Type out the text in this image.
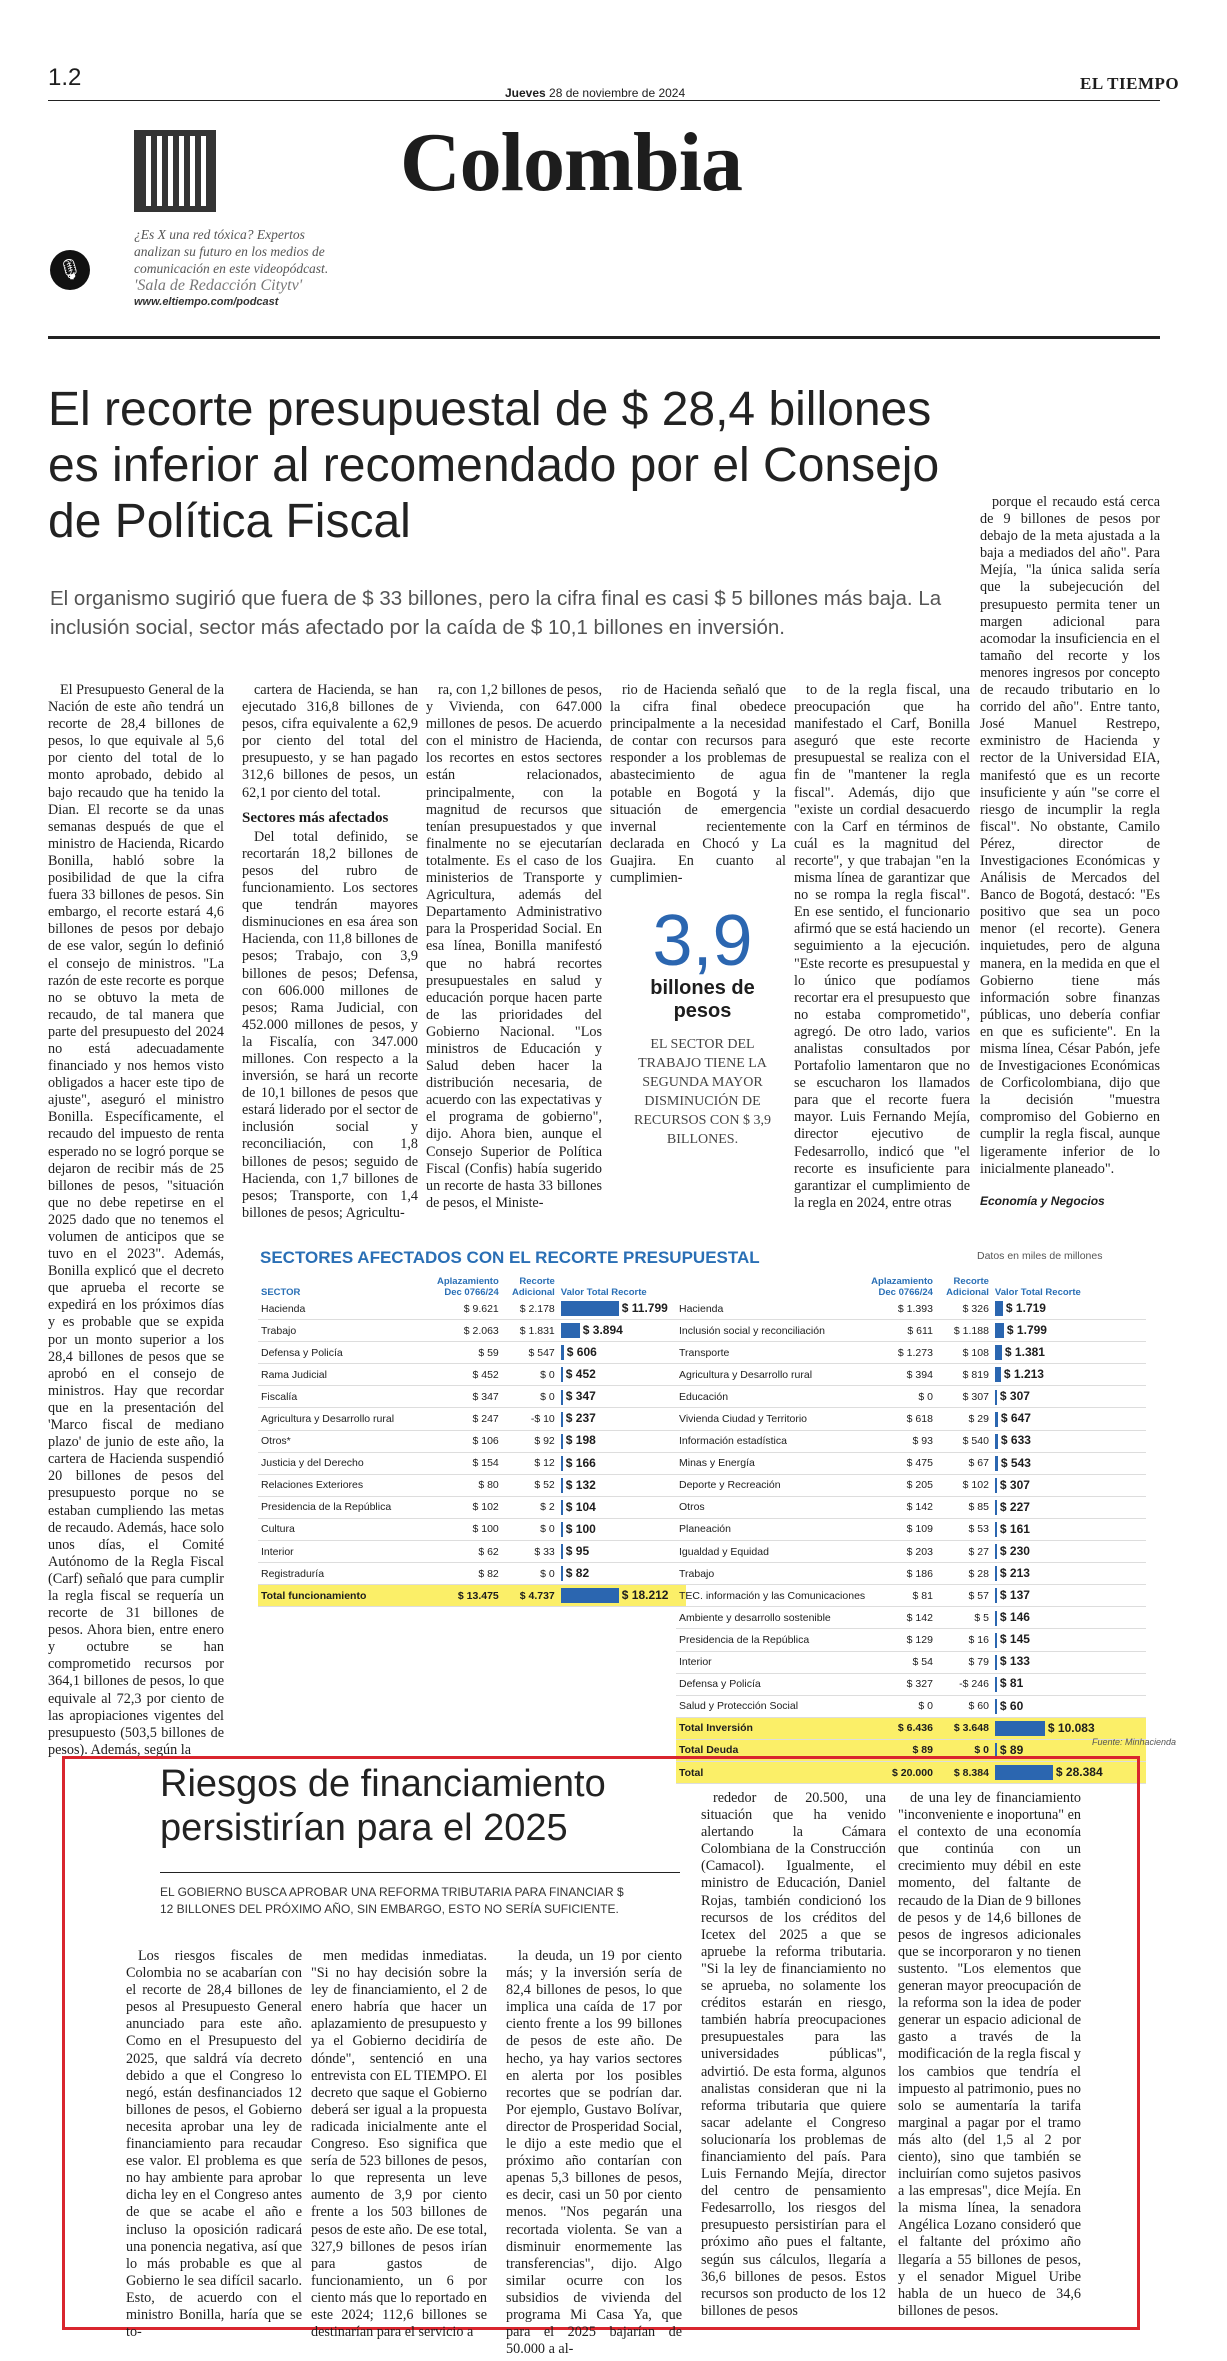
1.2
Jueves 28 de noviembre de 2024	EL TIEMPO
🎙
¿Es X una red tóxica? Expertos
analizan su futuro en los medios de
comunicación en este videopódcast.
'Sala de Redacción Citytv'
www.eltiempo.com/podcast
Colombia
El recorte presupuestal de $ 28,4 billones es inferior al recomendado por el Consejo de Política Fiscal
El organismo sugirió que fuera de $ 33 billones, pero la cifra final es casi $ 5 billones más baja. La inclusión social, sector más afectado por la caída de $ 10,1 billones en inversión.

El Presupuesto General de la Nación de este año tendrá un recorte de 28,4 billones de pesos, lo que equivale al 5,6 por ciento del total de lo monto aprobado, debido al bajo recaudo que ha tenido la Dian. El recorte se da unas semanas después de que el ministro de Hacienda, Ricardo Bonilla, habló sobre la posibilidad de que la cifra fuera 33 billones de pesos. Sin embargo, el recorte estará 4,6 billones de pesos por debajo de ese valor, según lo definió el consejo de ministros. "La razón de este recorte es porque no se obtuvo la meta de recaudo, de tal manera que parte del presupuesto del 2024 no está adecuadamente financiado y nos hemos visto obligados a hacer este tipo de ajuste", aseguró el ministro Bonilla. Específicamente, el recaudo del impuesto de renta esperado no se logró porque se dejaron de recibir más de 25 billones de pesos, "situación que no debe repetirse en el 2025 dado que no tenemos el volumen de anticipos que se tuvo en el 2023". Además, Bonilla explicó que el decreto que aprueba el recorte se expedirá en los próximos días y es probable que se expida por un monto superior a los 28,4 billones de pesos que se aprobó en el consejo de ministros. Hay que recordar que en la presentación del 'Marco fiscal de mediano plazo' de junio de este año, la cartera de Hacienda suspendió 20 billones de pesos del presupuesto porque no se estaban cumpliendo las metas de recaudo. Además, hace solo unos días, el Comité Autónomo de la Regla Fiscal (Carf) señaló que para cumplir la regla fiscal se requería un recorte de 31 billones de pesos. Ahora bien, entre enero y octubre se han comprometido recursos por 364,1 billones de pesos, lo que equivale al 72,3 por ciento de las apropiaciones vigentes del presupuesto (503,5 billones de pesos). Además, según la

cartera de Hacienda, se han ejecutado 316,8 billones de pesos, cifra equivalente a 62,9 por ciento del total del presupuesto, y se han pagado 312,6 billones de pesos, un 62,1 por ciento del total.

Sectores más afectados

Del total definido, se recortarán 18,2 billones de pesos del rubro de funcionamiento. Los sectores que tendrán mayores disminuciones en esa área son Hacienda, con 11,8 billones de pesos; Trabajo, con 3,9 billones de pesos; Defensa, con 606.000 millones de pesos; Rama Judicial, con 452.000 millones de pesos, y la Fiscalía, con 347.000 millones. Con respecto a la inversión, se hará un recorte de 10,1 billones de pesos que estará liderado por el sector de inclusión social y reconciliación, con 1,8 billones de pesos; seguido de Hacienda, con 1,7 billones de pesos; Transporte, con 1,4 billones de pesos; Agricultu-

ra, con 1,2 billones de pesos, y Vivienda, con 647.000 millones de pesos. De acuerdo con el ministro de Hacienda, los recortes en estos sectores están relacionados, principalmente, con la magnitud de recursos que tenían presupuestados y que finalmente no se ejecutarían totalmente. Es el caso de los ministerios de Transporte y Agricultura, además del Departamento Administrativo para la Prosperidad Social. En esa línea, Bonilla manifestó que no habrá recortes presupuestales en salud y educación porque hacen parte de las prioridades del Gobierno Nacional. "Los ministros de Educación y Salud deben hacer la distribución necesaria, de acuerdo con las expectativas y el programa de gobierno", dijo. Ahora bien, aunque el Consejo Superior de Política Fiscal (Confis) había sugerido un recorte de hasta 33 billones de pesos, el Ministe-

rio de Hacienda señaló que la cifra final obedece principalmente a la necesidad de contar con recursos para responder a los problemas de abastecimiento de agua potable en Bogotá y la situación de emergencia invernal recientemente declarada en Chocó y La Guajira. En cuanto al cumplimien-

to de la regla fiscal, una preocupación que ha manifestado el Carf, Bonilla aseguró que este recorte presupuestal se realiza con el fin de "mantener la regla fiscal". Además, dijo que "existe un cordial desacuerdo con la Carf en términos de cuál es la magnitud del recorte", y que trabajan "en la misma línea de garantizar que no se rompa la regla fiscal". En ese sentido, el funcionario afirmó que se está haciendo un seguimiento a la ejecución. "Este recorte es presupuestal y lo único que podíamos recortar era el presupuesto que no estaba comprometido", agregó. De otro lado, varios analistas consultados por Portafolio lamentaron que no se escucharon los llamados para que el recorte fuera mayor. Luis Fernando Mejía, director ejecutivo de Fedesarrollo, indicó que "el recorte es insuficiente para garantizar el cumplimiento de la regla en 2024, entre otras

porque el recaudo está cerca de 9 billones de pesos por debajo de la meta ajustada a la baja a mediados del año". Para Mejía, "la única salida sería que la subejecución del presupuesto permita tener un margen adicional para acomodar la insuficiencia en el tamaño del recorte y los menores ingresos por concepto de recaudo tributario en lo corrido del año". Entre tanto, José Manuel Restrepo, exministro de Hacienda y rector de la Universidad EIA, manifestó que es un recorte insuficiente y aún "se corre el riesgo de incumplir la regla fiscal". No obstante, Camilo Pérez, director de Investigaciones Económicas y Análisis de Mercados del Banco de Bogotá, destacó: "Es positivo que sea un poco menor (el recorte). Genera inquietudes, pero de alguna manera, en la medida en que el Gobierno tiene más información sobre finanzas públicas, uno debería confiar en que es suficiente". En la misma línea, César Pabón, jefe de Investigaciones Económicas de Corficolombiana, dijo que la decisión "muestra compromiso del Gobierno en cumplir la regla fiscal, aunque ligeramente inferior de lo inicialmente planeado".

Economía y Negocios
3,9
billones de pesos
EL SECTOR DEL TRABAJO TIENE LA SEGUNDA MAYOR DISMINUCIÓN DE RECURSOS CON $ 3,9 BILLONES.
SECTORES AFECTADOS CON EL RECORTE PRESUPUESTAL	Datos en miles de millones
SECTOR	Aplazamiento Dec 0766/24	Recorte Adicional	Valor Total Recorte
Hacienda	$ 9.621	$ 2.178	$ 11.799
Trabajo	$ 2.063	$ 1.831	$ 3.894
Defensa y Policía	$ 59	$ 547	$ 606
Rama Judicial	$ 452	$ 0	$ 452
Fiscalía	$ 347	$ 0	$ 347
Agricultura y Desarrollo rural	$ 247	-$ 10	$ 237
Otros*	$ 106	$ 92	$ 198
Justicia y del Derecho	$ 154	$ 12	$ 166
Relaciones Exteriores	$ 80	$ 52	$ 132
Presidencia de la República	$ 102	$ 2	$ 104
Cultura	$ 100	$ 0	$ 100
Interior	$ 62	$ 33	$ 95
Registraduría	$ 82	$ 0	$ 82
Total funcionamiento	$ 13.475	$ 4.737	$ 18.212
	Aplazamiento Dec 0766/24	Recorte Adicional	Valor Total Recorte
Hacienda	$ 1.393	$ 326	$ 1.719
Inclusión social y reconciliación	$ 611	$ 1.188	$ 1.799
Transporte	$ 1.273	$ 108	$ 1.381
Agricultura y Desarrollo rural	$ 394	$ 819	$ 1.213
Educación	$ 0	$ 307	$ 307
Vivienda Ciudad y Territorio	$ 618	$ 29	$ 647
Información estadística	$ 93	$ 540	$ 633
Minas y Energía	$ 475	$ 67	$ 543
Deporte y Recreación	$ 205	$ 102	$ 307
Otros	$ 142	$ 85	$ 227
Planeación	$ 109	$ 53	$ 161
Igualdad y Equidad	$ 203	$ 27	$ 230
Trabajo	$ 186	$ 28	$ 213
TEC. información y las Comunicaciones	$ 81	$ 57	$ 137
Ambiente y desarrollo sostenible	$ 142	$ 5	$ 146
Presidencia de la República	$ 129	$ 16	$ 145
Interior	$ 54	$ 79	$ 133
Defensa y Policía	$ 327	-$ 246	$ 81
Salud y Protección Social	$ 0	$ 60	$ 60
Total Inversión	$ 6.436	$ 3.648	$ 10.083
Total Deuda	$ 89	$ 0	$ 89
Total	$ 20.000	$ 8.384	$ 28.384
Fuente: Minhacienda
Riesgos de financiamiento persistirían para el 2025
EL GOBIERNO BUSCA APROBAR UNA REFORMA TRIBUTARIA PARA FINANCIAR $ 12 BILLONES DEL PRÓXIMO AÑO, SIN EMBARGO, ESTO NO SERÍA SUFICIENTE.

Los riesgos fiscales de Colombia no se acabarían con el recorte de 28,4 billones de pesos al Presupuesto General anunciado para este año. Como en el Presupuesto del 2025, que saldrá vía decreto debido a que el Congreso lo negó, están desfinanciados 12 billones de pesos, el Gobierno necesita aprobar una ley de financiamiento para recaudar ese valor. El problema es que no hay ambiente para aprobar dicha ley en el Congreso antes de que se acabe el año e incluso la oposición radicará una ponencia negativa, así que lo más probable es que al Gobierno le sea difícil sacarlo. Esto, de acuerdo con el ministro Bonilla, haría que se to-

men medidas inmediatas. "Si no hay decisión sobre la ley de financiamiento, el 2 de enero habría que hacer un aplazamiento de presupuesto y ya el Gobierno decidiría de dónde", sentenció en una entrevista con EL TIEMPO. El decreto que saque el Gobierno deberá ser igual a la propuesta radicada inicialmente ante el Congreso. Eso significa que sería de 523 billones de pesos, lo que representa un leve aumento de 3,9 por ciento frente a los 503 billones de pesos de este año. De ese total, 327,9 billones de pesos irían para gastos de funcionamiento, un 6 por ciento más que lo reportado en este 2024; 112,6 billones se destinarían para el servicio a

la deuda, un 19 por ciento más; y la inversión sería de 82,4 billones de pesos, lo que implica una caída de 17 por ciento frente a los 99 billones de pesos de este año. De hecho, ya hay varios sectores en alerta por los posibles recortes que se podrían dar. Por ejemplo, Gustavo Bolívar, director de Prosperidad Social, le dijo a este medio que el próximo año contarían con apenas 5,3 billones de pesos, es decir, casi un 50 por ciento menos. "Nos pegarán una recortada violenta. Se van a disminuir enormemente las transferencias", dijo. Algo similar ocurre con los subsidios de vivienda del programa Mi Casa Ya, que para el 2025 bajarían de 50.000 a al-

rededor de 20.500, una situación que ha venido alertando la Cámara Colombiana de la Construcción (Camacol). Igualmente, el ministro de Educación, Daniel Rojas, también condicionó los recursos de los créditos del Icetex del 2025 a que se apruebe la reforma tributaria. "Si la ley de financiamiento no se aprueba, no solamente los créditos estarán en riesgo, también habría preocupaciones presupuestales para las universidades públicas", advirtió. De esta forma, algunos analistas consideran que ni la reforma tributaria que quiere sacar adelante el Congreso solucionaría los problemas de financiamiento del país. Para Luis Fernando Mejía, director del centro de pensamiento Fedesarrollo, los riesgos del presupuesto persistirían para el próximo año pues el faltante, según sus cálculos, llegaría a 36,6 billones de pesos. Estos recursos son producto de los 12 billones de pesos

de una ley de financiamiento "inconveniente e inoportuna" en el contexto de una economía que continúa con un crecimiento muy débil en este momento, del faltante de recaudo de la Dian de 9 billones de pesos y de 14,6 billones de pesos de ingresos adicionales que se incorporaron y no tienen sustento. "Los elementos que generan mayor preocupación de la reforma son la idea de poder generar un espacio adicional de gasto a través de la modificación de la regla fiscal y los cambios que tendría el impuesto al patrimonio, pues no solo se aumentaría la tarifa marginal a pagar por el tramo más alto (del 1,5 al 2 por ciento), sino que también se incluirían como sujetos pasivos a las empresas", dice Mejía. En la misma línea, la senadora Angélica Lozano consideró que el faltante del próximo año llegaría a 55 billones de pesos, y el senador Miguel Uribe habla de un hueco de 34,6 billones de pesos.
